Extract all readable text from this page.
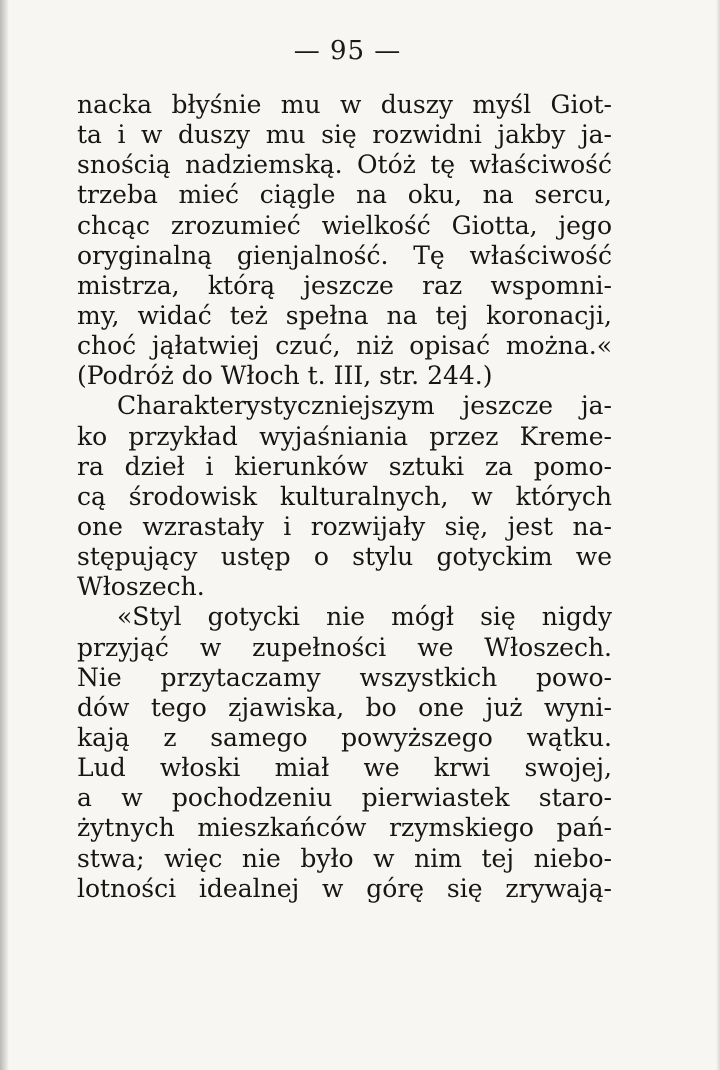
— 95 —
nacka błyśnie mu w duszy myśl Giot-
ta i w duszy mu się rozwidni jakby ja-
snością nadziemską. Otóż tę właściwość
trzeba mieć ciągle na oku, na sercu,
chcąc zrozumieć wielkość Giotta, jego
oryginalną gienjalność. Tę właściwość
mistrza, którą jeszcze raz wspomni-
my, widać też spełna na tej koronacji,
choć jąłatwiej czuć, niż opisać można.«
(Podróż do Włoch t. III, str. 244.)
Charakterystyczniejszym jeszcze ja-
ko przykład wyjaśniania przez Kreme-
ra dzieł i kierunków sztuki za pomo-
cą środowisk kulturalnych, w których
one wzrastały i rozwijały się, jest na-
stępujący ustęp o stylu gotyckim we
Włoszech.
«Styl gotycki nie mógł się nigdy
przyjąć w zupełności we Włoszech.
Nie przytaczamy wszystkich powo-
dów tego zjawiska, bo one już wyni-
kają z samego powyższego wątku.
Lud włoski miał we krwi swojej,
a w pochodzeniu pierwiastek staro-
żytnych mieszkańców rzymskiego pań-
stwa; więc nie było w nim tej niebo-
lotności idealnej w górę się zrywają-
